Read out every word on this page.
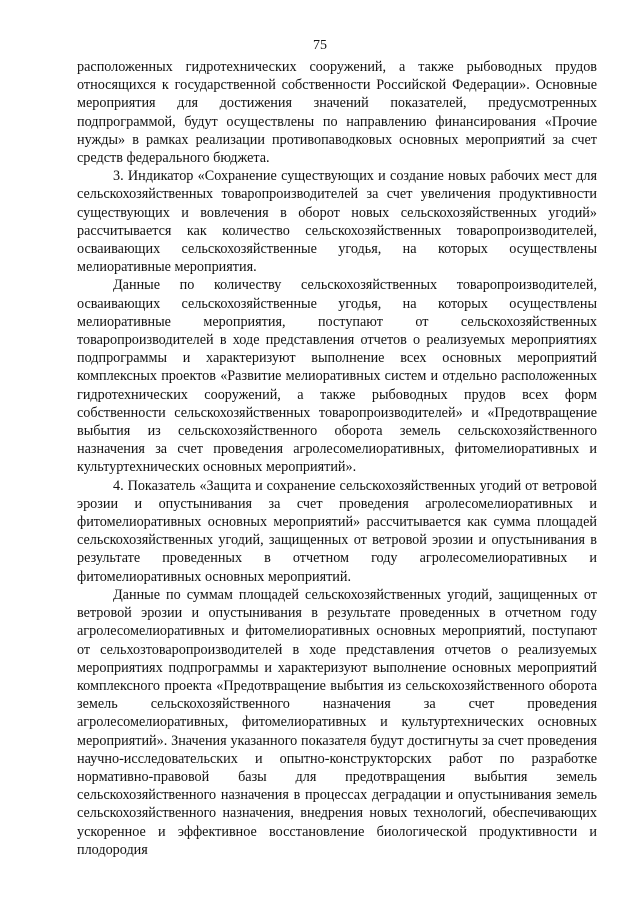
75

расположенных гидротехнических сооружений, а также рыбоводных прудов относящихся к государственной собственности Российской Федерации». Основные мероприятия для достижения значений показателей, предусмотренных подпрограммой, будут осуществлены по направлению финансирования «Прочие нужды» в рамках реализации противопаводковых основных мероприятий за счет средств федерального бюджета.

3. Индикатор «Сохранение существующих и создание новых рабочих мест для сельскохозяйственных товаропроизводителей за счет увеличения продуктивности существующих и вовлечения в оборот новых сельскохозяйственных угодий» рассчитывается как количество сельскохозяйственных товаропроизводителей, осваивающих сельскохозяйственные угодья, на которых осуществлены мелиоративные мероприятия.

Данные по количеству сельскохозяйственных товаропроизводителей, осваивающих сельскохозяйственные угодья, на которых осуществлены мелиоративные мероприятия, поступают от сельскохозяйственных товаропроизводителей в ходе представления отчетов о реализуемых мероприятиях подпрограммы и характеризуют выполнение всех основных мероприятий комплексных проектов «Развитие мелиоративных систем и отдельно расположенных гидротехнических сооружений, а также рыбоводных прудов всех форм собственности сельскохозяйственных товаропроизводителей» и «Предотвращение выбытия из сельскохозяйственного оборота земель сельскохозяйственного назначения за счет проведения агролесомелиоративных, фитомелиоративных и культуртехнических основных мероприятий».

4. Показатель «Защита и сохранение сельскохозяйственных угодий от ветровой эрозии и опустынивания за счет проведения агролесомелиоративных и фитомелиоративных основных мероприятий» рассчитывается как сумма площадей сельскохозяйственных угодий, защищенных от ветровой эрозии и опустынивания в результате проведенных в отчетном году агролесомелиоративных и фитомелиоративных основных мероприятий.

Данные по суммам площадей сельскохозяйственных угодий, защищенных от ветровой эрозии и опустынивания в результате проведенных в отчетном году агролесомелиоративных и фитомелиоративных основных мероприятий, поступают от сельхозтоваропроизводителей в ходе представления отчетов о реализуемых мероприятиях подпрограммы и характеризуют выполнение основных мероприятий комплексного проекта «Предотвращение выбытия из сельскохозяйственного оборота земель сельскохозяйственного назначения за счет проведения агролесомелиоративных, фитомелиоративных и культуртехнических основных мероприятий». Значения указанного показателя будут достигнуты за счет проведения научно-исследовательских и опытно-конструкторских работ по разработке нормативно-правовой базы для предотвращения выбытия земель сельскохозяйственного назначения в процессах деградации и опустынивания земель сельскохозяйственного назначения, внедрения новых технологий, обеспечивающих ускоренное и эффективное восстановление биологической продуктивности и плодородия
